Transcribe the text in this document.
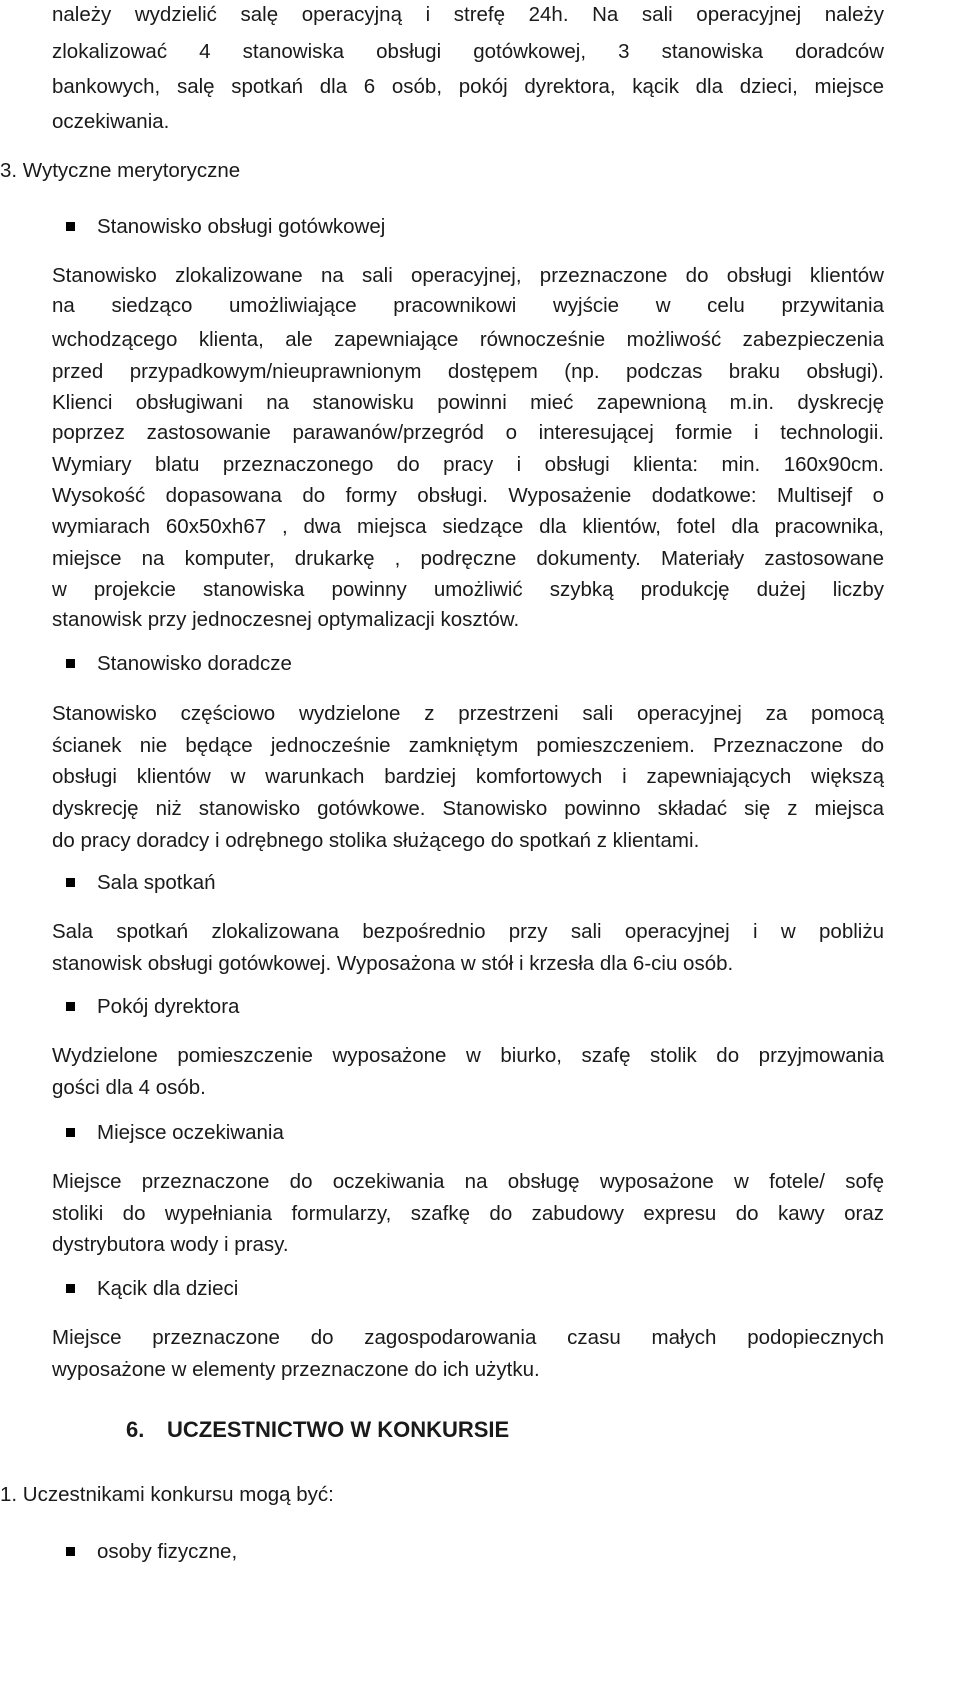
należy wydzielić salę operacyjną i strefę 24h. Na sali operacyjnej należy
zlokalizować 4 stanowiska obsługi gotówkowej, 3 stanowiska doradców
bankowych, salę spotkań dla 6 osób, pokój dyrektora, kącik dla dzieci, miejsce
oczekiwania.
3. Wytyczne merytoryczne
Stanowisko obsługi gotówkowej
Stanowisko zlokalizowane na sali operacyjnej, przeznaczone do obsługi klientów
na siedząco umożliwiające pracownikowi wyjście w celu przywitania
wchodzącego klienta, ale zapewniające równocześnie możliwość zabezpieczenia
przed przypadkowym/nieuprawnionym dostępem (np. podczas braku obsługi).
Klienci obsługiwani na stanowisku powinni mieć zapewnioną m.in. dyskrecję
poprzez zastosowanie parawanów/przegród o interesującej formie i technologii.
Wymiary blatu przeznaczonego do pracy i obsługi klienta: min. 160x90cm.
Wysokość dopasowana do formy obsługi. Wyposażenie dodatkowe: Multisejf o
wymiarach 60x50xh67 , dwa miejsca siedzące dla klientów, fotel dla pracownika,
miejsce na komputer, drukarkę , podręczne dokumenty. Materiały zastosowane
w projekcie stanowiska powinny umożliwić szybką produkcję dużej liczby
stanowisk przy jednoczesnej optymalizacji kosztów.
Stanowisko doradcze
Stanowisko częściowo wydzielone z przestrzeni sali operacyjnej za pomocą
ścianek nie będące jednocześnie zamkniętym pomieszczeniem. Przeznaczone do
obsługi klientów w warunkach bardziej komfortowych i zapewniających większą
dyskrecję niż stanowisko gotówkowe. Stanowisko powinno składać się z miejsca
do pracy doradcy i odrębnego stolika służącego do spotkań z klientami.
Sala spotkań
Sala spotkań zlokalizowana bezpośrednio przy sali operacyjnej i w pobliżu
stanowisk obsługi gotówkowej. Wyposażona w stół i krzesła dla 6-ciu osób.
Pokój dyrektora
Wydzielone pomieszczenie wyposażone w biurko, szafę stolik do przyjmowania
gości dla 4 osób.
Miejsce oczekiwania
Miejsce przeznaczone do oczekiwania na obsługę wyposażone w fotele/ sofę
stoliki do wypełniania formularzy, szafkę do zabudowy expresu do kawy oraz
dystrybutora wody i prasy.
Kącik dla dzieci
Miejsce przeznaczone do zagospodarowania czasu małych podopiecznych
wyposażone w elementy przeznaczone do ich użytku.
6. UCZESTNICTWO W KONKURSIE
1. Uczestnikami konkursu mogą być:
osoby fizyczne,
